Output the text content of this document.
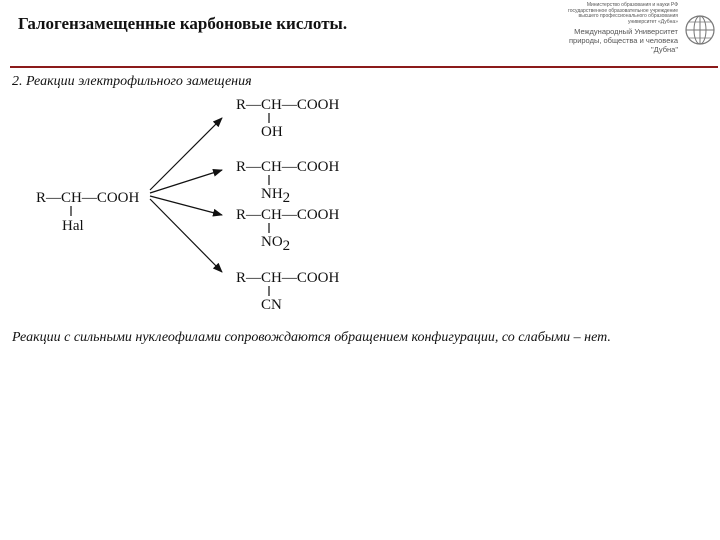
Галогензамещенные карбоновые кислоты.
Министерство образования и науки РФ
государственное образовательное учреждение
высшего профессионального образования
университет «Дубна»
Международный Университет
природы, общества и человека
"Дубна"
2. Реакции электрофильного замещения
R—CH—COOH
Hal
R—CH—COOH
OH
R—CH—COOH
NH2
R—CH—COOH
NO2
R—CH—COOH
CN
Реакции с сильными нуклеофилами сопровождаются обращением конфигурации, со слабыми – нет.
